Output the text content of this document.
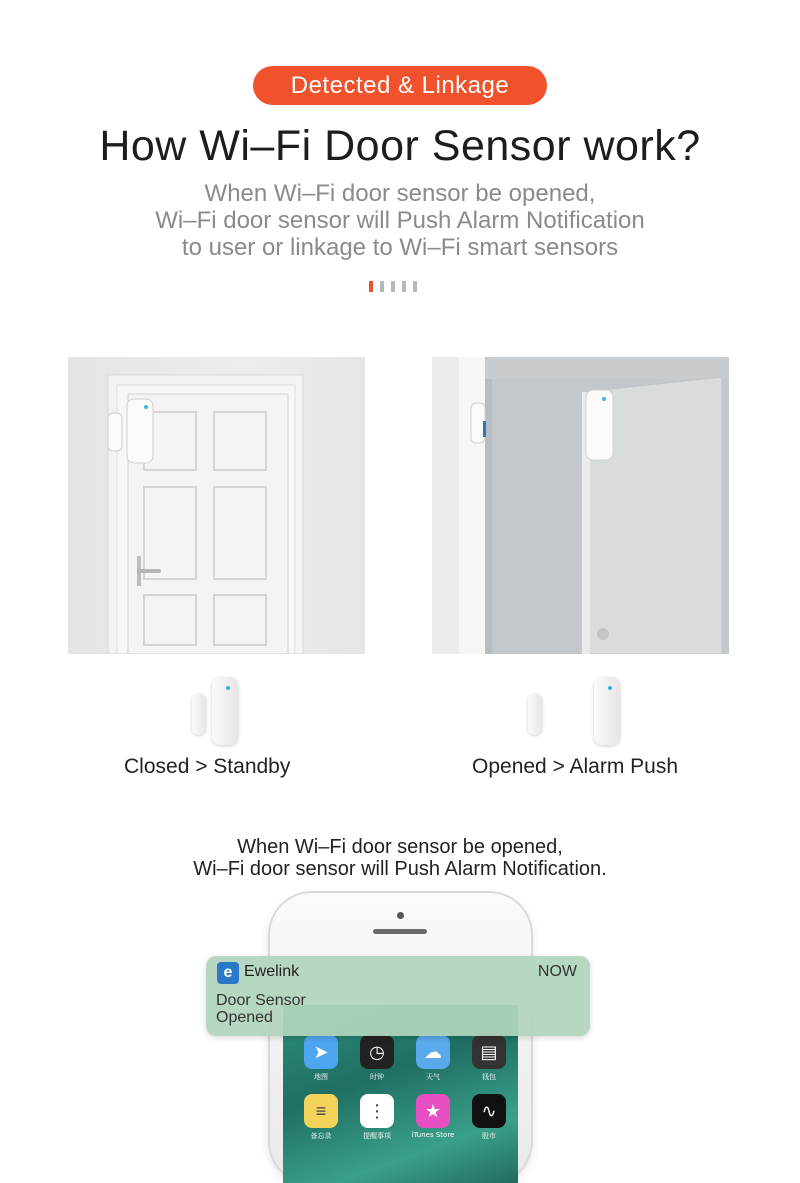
Detected & Linkage
How Wi–Fi Door Sensor work?
When Wi–Fi door sensor be opened,
Wi–Fi door sensor will Push Alarm Notification
to user or linkage to Wi–Fi smart sensors
Closed > Standby	Opened > Alarm Push
When Wi–Fi door sensor be opened,
Wi–Fi door sensor will Push Alarm Notification.
➤
地图
◷
时钟
☁
天气
▤
钱包
≡
备忘录
⋮
提醒事项
★
iTunes Store
∿
股市
e Ewelink	NOW
Door Sensor
Opened
